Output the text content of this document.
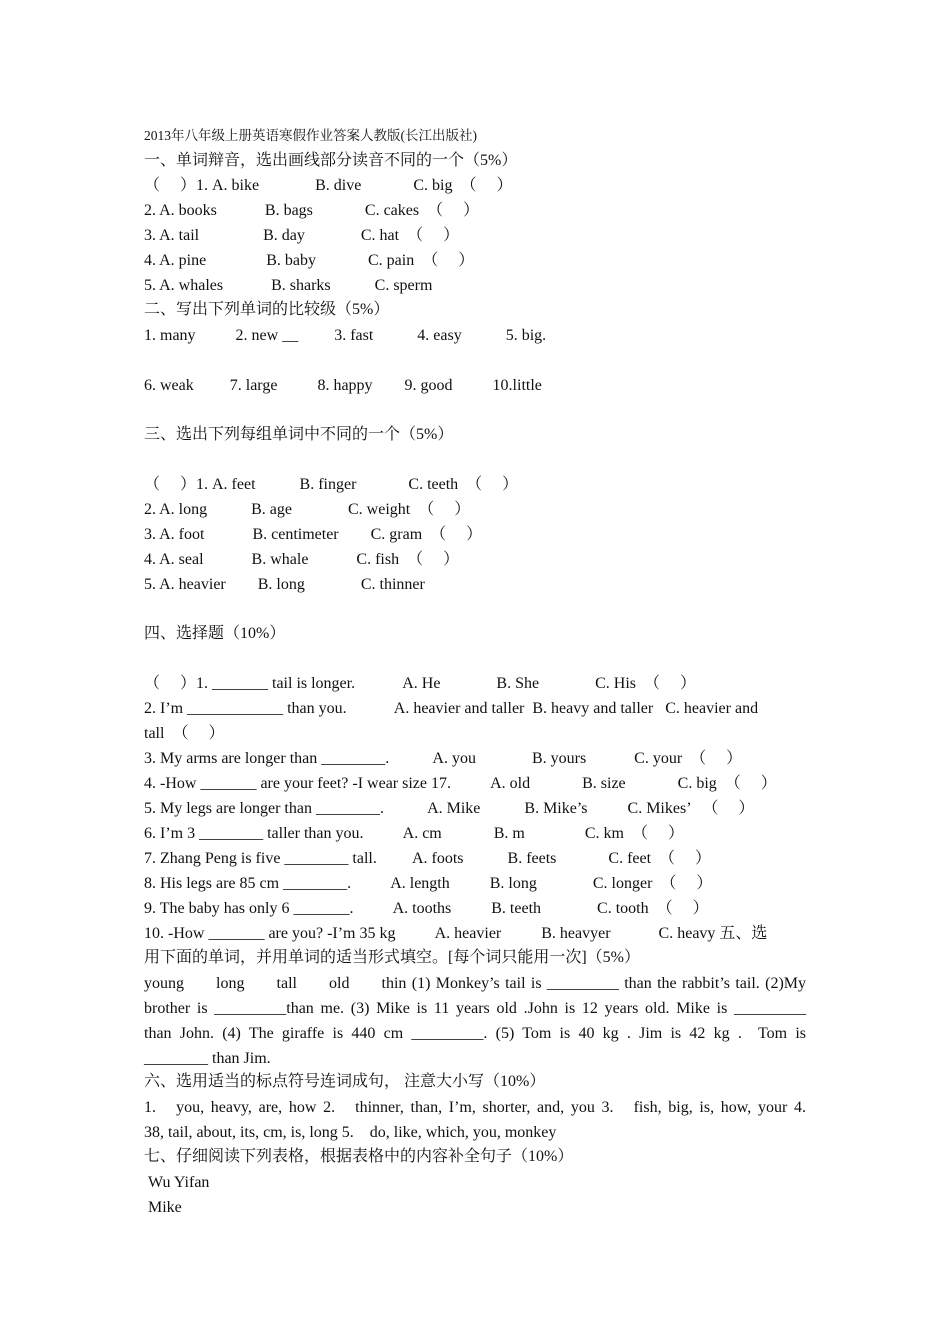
2013年八年级上册英语寒假作业答案人教版(长江出版社)
一、单词辩音，选出画线部分读音不同的一个（5%）
（     ）1. A. bike              B. dive             C. big  （     ）
2. A. books            B. bags             C. cakes  （     ）
3. A. tail                B. day              C. hat  （     ）
4. A. pine               B. baby             C. pain  （     ）
5. A. whales            B. sharks           C. sperm
二、写出下列单词的比较级（5%）
1. many          2. new __         3. fast           4. easy           5. big.
6. weak         7. large          8. happy        9. good          10.little
三、选出下列每组单词中不同的一个（5%）
（     ）1. A. feet           B. finger             C. teeth  （     ）
2. A. long           B. age              C. weight  （     ）
3. A. foot            B. centimeter        C. gram  （     ）
4. A. seal            B. whale            C. fish  （     ）
5. A. heavier        B. long              C. thinner
四、选择题（10%）
（     ）1. _______ tail is longer.            A. He              B. She              C. His  （     ）
2. I’m ____________ than you.            A. heavier and taller  B. heavy and taller   C. heavier and
tall  （     ）
3. My arms are longer than ________.           A. you              B. yours            C. your  （     ）
4. -How _______ are your feet? -I wear size 17.          A. old             B. size             C. big  （     ）
5. My legs are longer than ________.           A. Mike           B. Mike’s          C. Mikes’   （     ）
6. I’m 3 ________ taller than you.          A. cm             B. m               C. km  （     ）
7. Zhang Peng is five ________ tall.         A. foots           B. feets             C. feet  （     ）
8. His legs are 85 cm ________.          A. length          B. long              C. longer  （     ）
9. The baby has only 6 _______.          A. tooths          B. teeth              C. tooth  （     ）
10. -How _______ are you? -I’m 35 kg          A. heavier          B. heavyer            C. heavy 五、选
用下面的单词，并用单词的适当形式填空。[每个词只能用一次]（5%）
young      long      tall      old      thin (1) Monkey’s tail is _________ than the rabbit’s tail. (2)My
brother is _________than me. (3) Mike is 11 years old .John is 12 years old. Mike is _________
than John. (4) The giraffe is 440 cm _________. (5) Tom is 40 kg . Jim is 42 kg .  Tom is
________ than Jim.
六、选用适当的标点符号连词成句， 注意大小写（10%）
1.   you, heavy, are, how 2.   thinner, than, I’m, shorter, and, you 3.   fish, big, is, how, your 4.
38, tail, about, its, cm, is, long 5.    do, like, which, you, monkey
七、仔细阅读下列表格，根据表格中的内容补全句子（10%）
Wu Yifan
Mike
